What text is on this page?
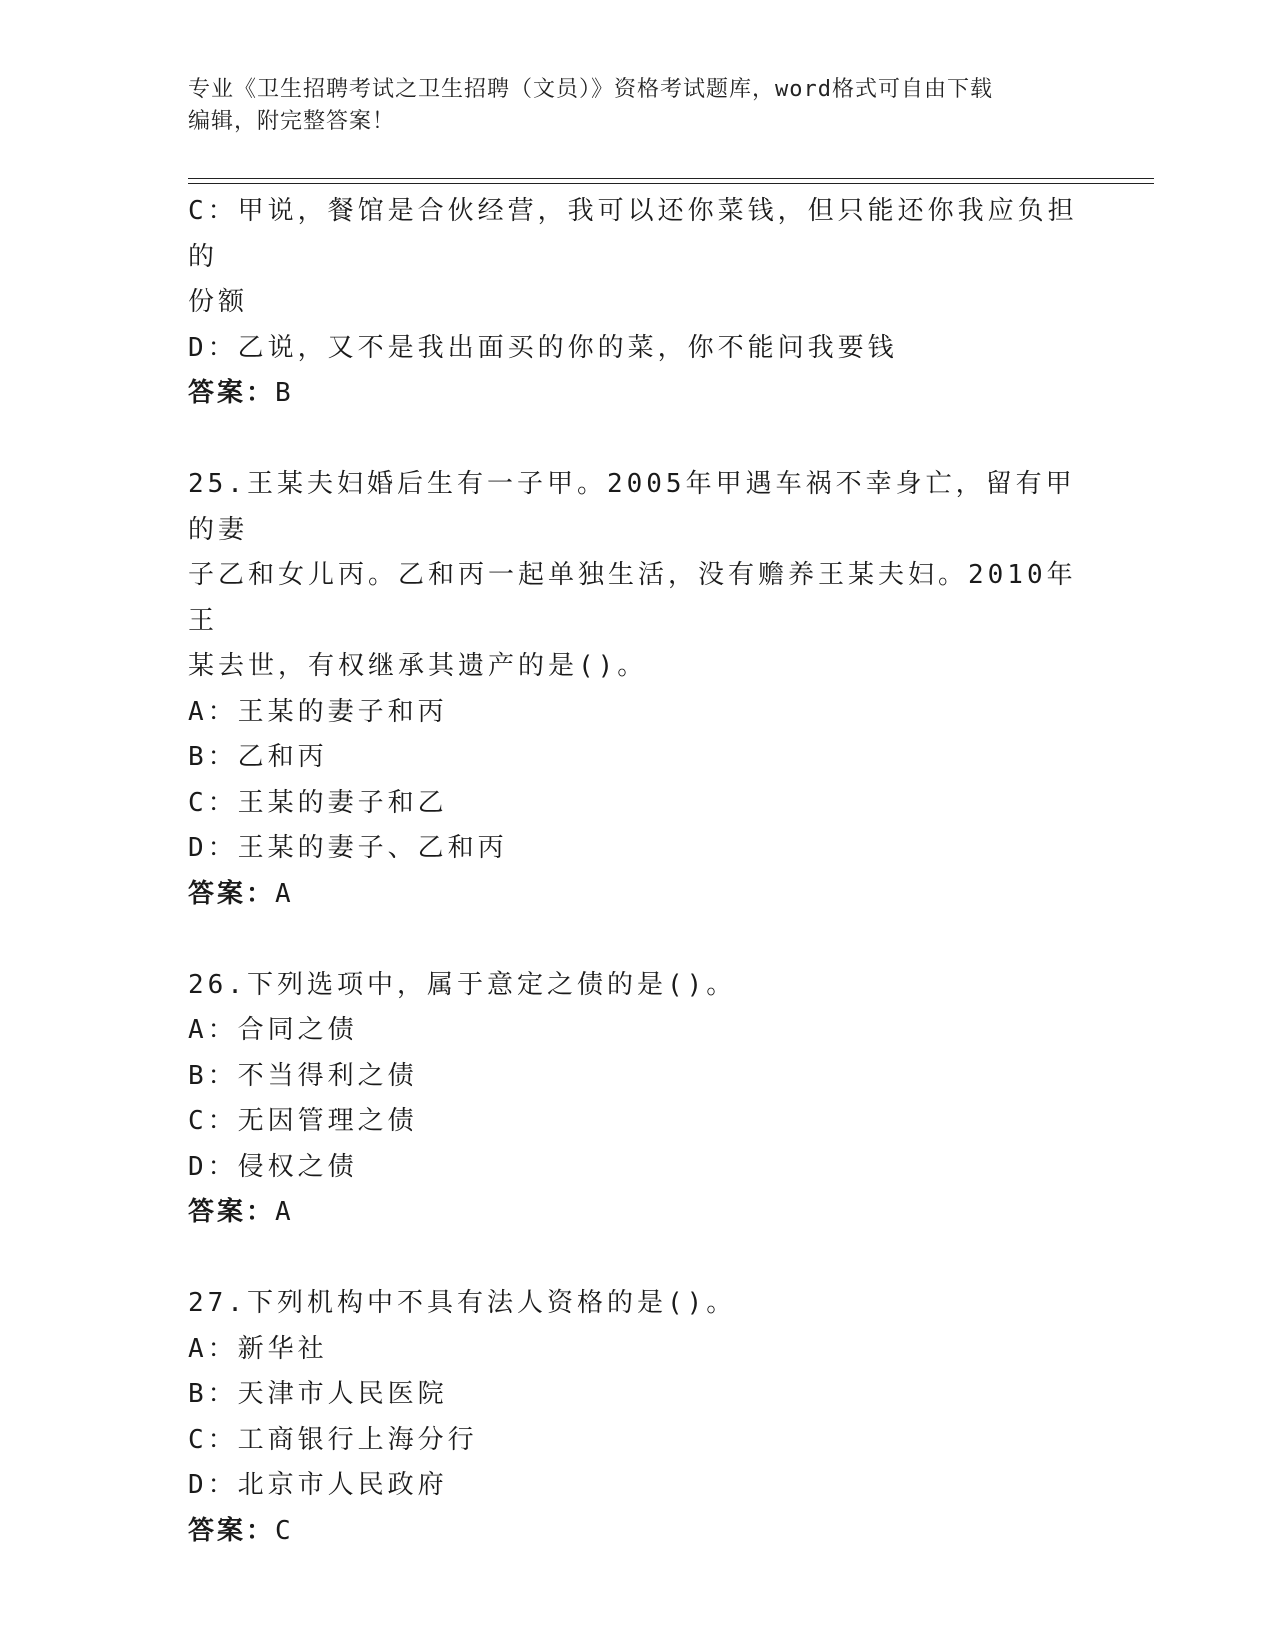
专业《卫生招聘考试之卫生招聘（文员）》资格考试题库，word格式可自由下载
编辑，附完整答案！
C：甲说，餐馆是合伙经营，我可以还你菜钱，但只能还你我应负担的
份额
D：乙说，又不是我出面买的你的菜，你不能问我要钱
答案：B
25.王某夫妇婚后生有一子甲。2005年甲遇车祸不幸身亡，留有甲的妻
子乙和女儿丙。乙和丙一起单独生活，没有赡养王某夫妇。2010年王
某去世，有权继承其遗产的是()。
A：王某的妻子和丙
B：乙和丙
C：王某的妻子和乙
D：王某的妻子、乙和丙
答案：A
26.下列选项中，属于意定之债的是()。
A：合同之债
B：不当得利之债
C：无因管理之债
D：侵权之债
答案：A
27.下列机构中不具有法人资格的是()。
A：新华社
B：天津市人民医院
C：工商银行上海分行
D：北京市人民政府
答案：C
